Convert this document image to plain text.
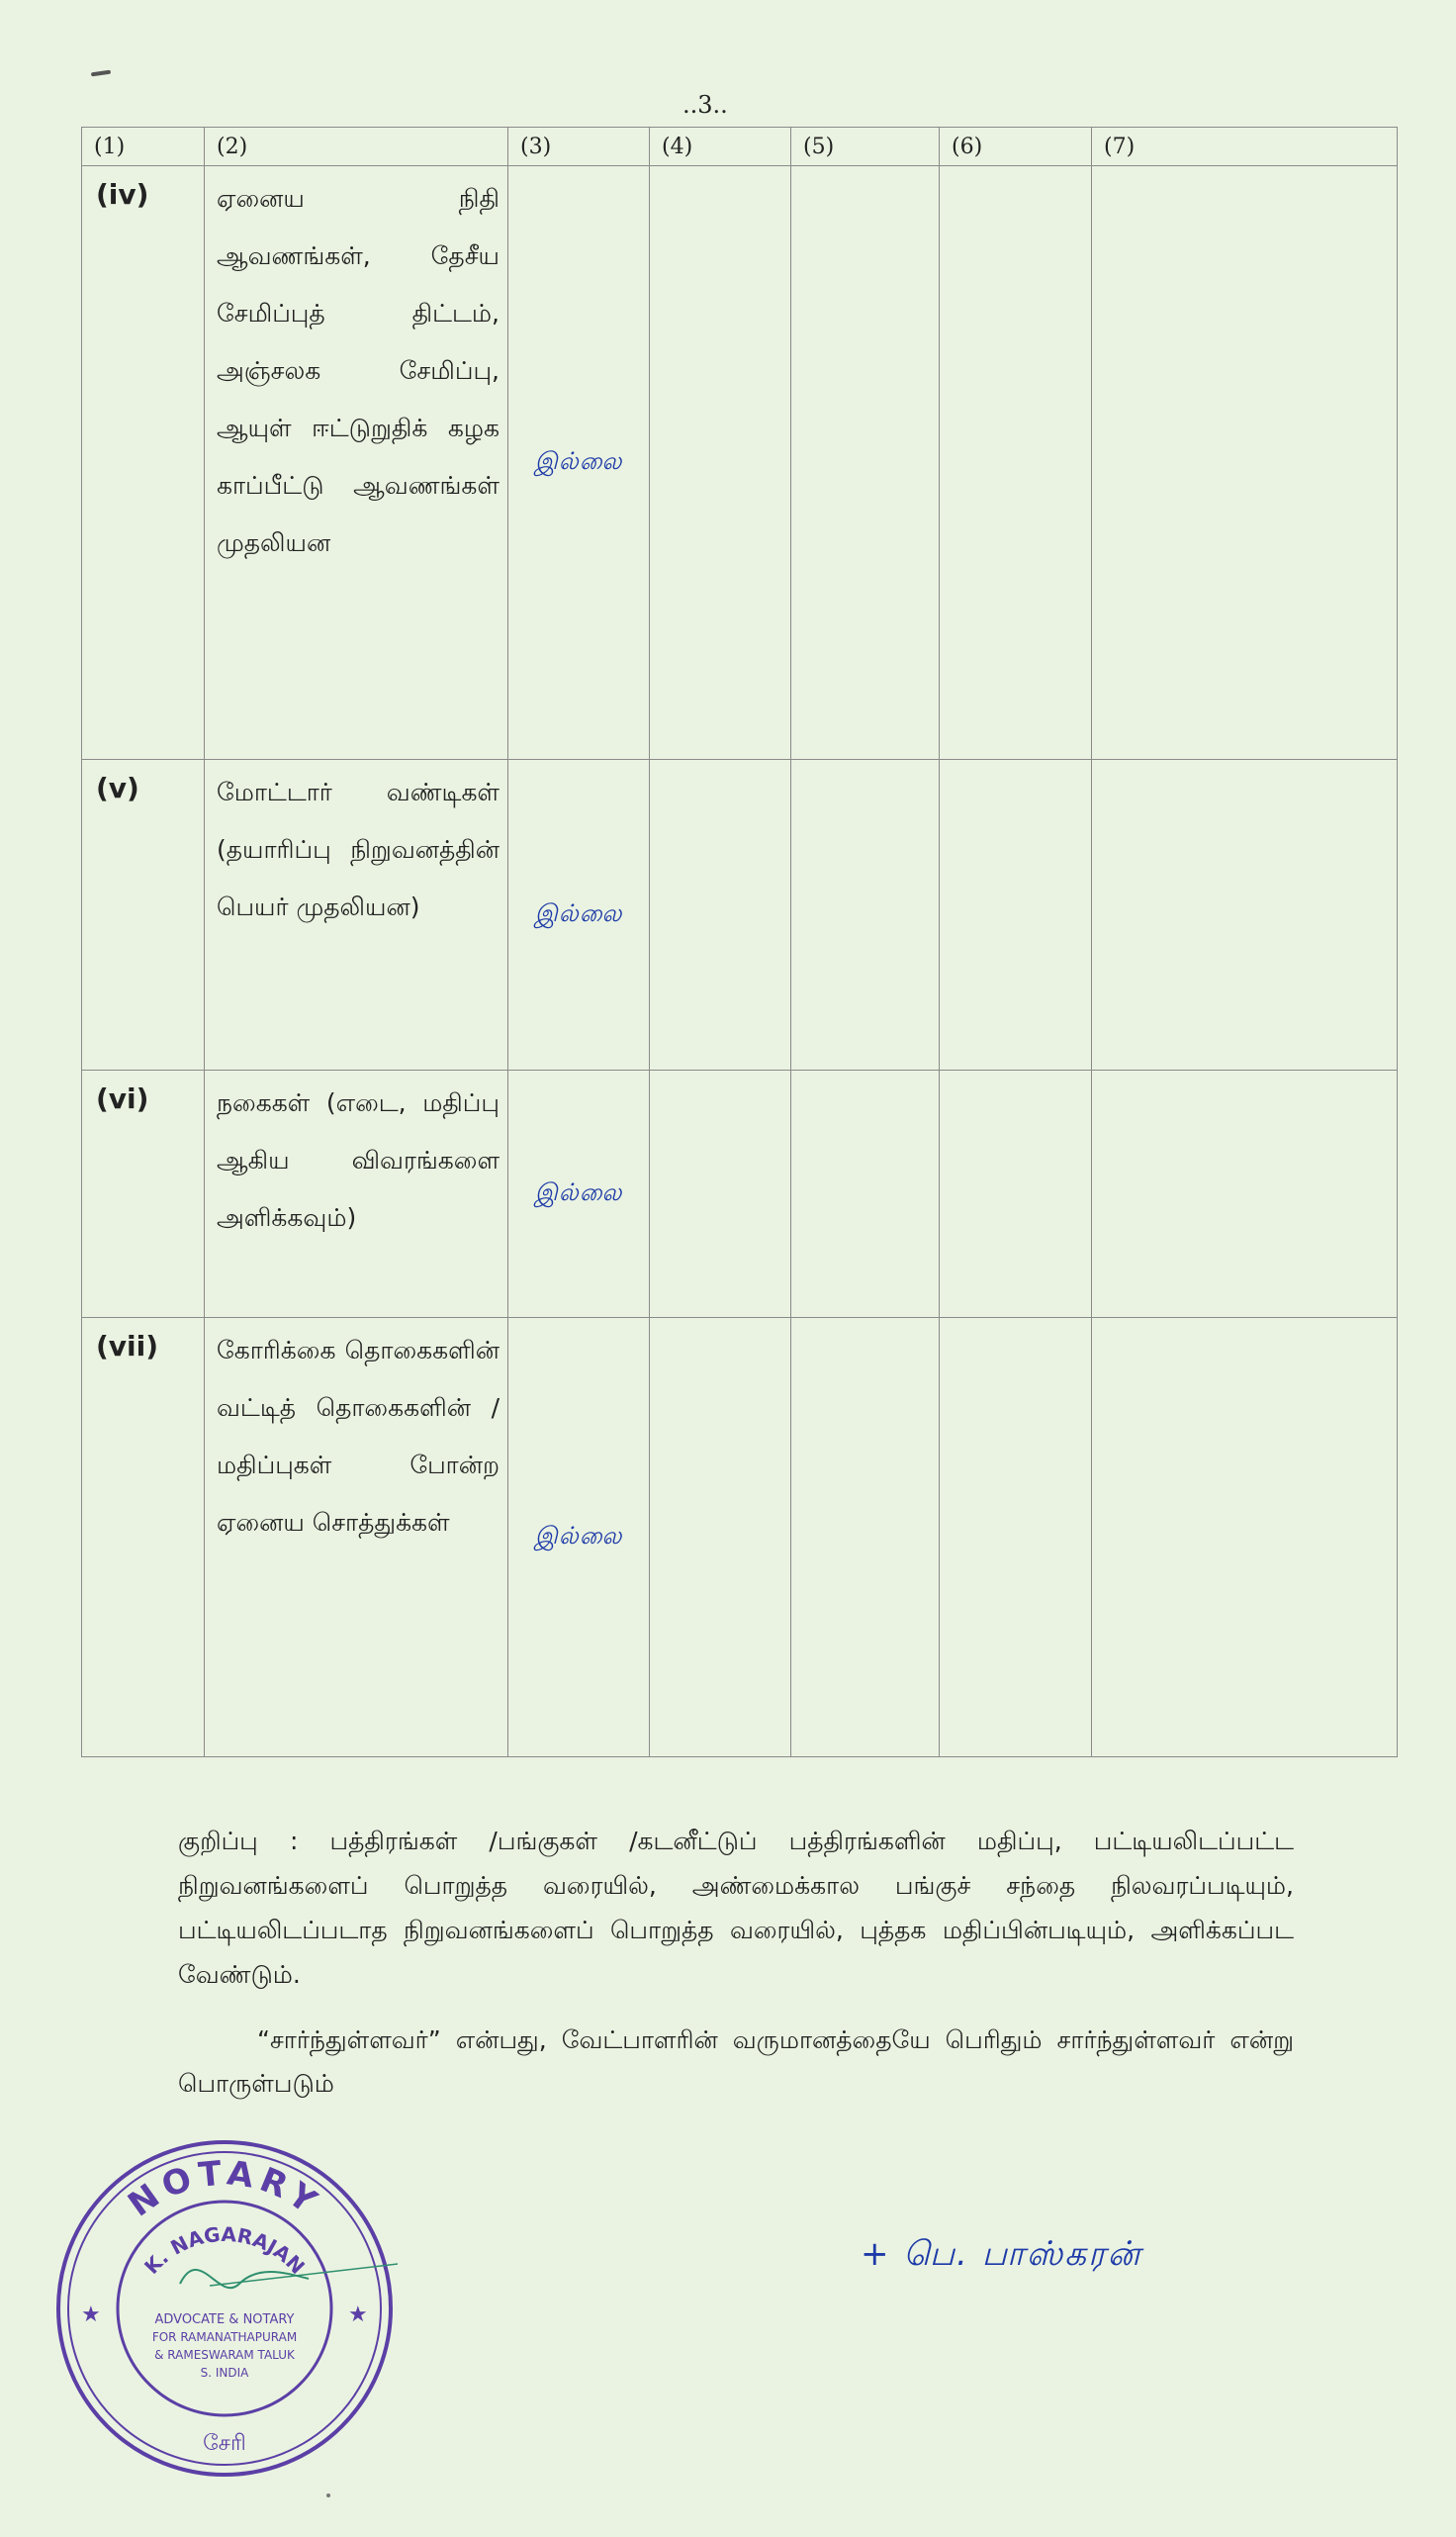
..3..
(1)	(2)	(3)	(4)	(5)	(6)	(7)
(iv)	ஏனைய நிதி ஆவணங்கள், தேசீய சேமிப்புத் திட்டம், அஞ்சலக சேமிப்பு, ஆயுள் ஈட்டுறுதிக் கழக காப்பீட்டு ஆவணங்கள் முதலியன	இல்லை				
(v)	மோட்டார் வண்டிகள் (தயாரிப்பு நிறுவனத்தின் பெயர் முதலியன)	இல்லை				
(vi)	நகைகள் (எடை, மதிப்பு ஆகிய விவரங்களை அளிக்கவும்)	இல்லை				
(vii)	கோரிக்கை தொகைகளின் வட்டித் தொகைகளின் /மதிப்புகள் போன்ற ஏனைய சொத்துக்கள்	இல்லை				
குறிப்பு : பத்திரங்கள் /பங்குகள் /கடனீட்டுப் பத்திரங்களின் மதிப்பு, பட்டியலிடப்பட்ட நிறுவனங்களைப் பொறுத்த வரையில், அண்மைக்கால பங்குச் சந்தை நிலவரப்படியும், பட்டியலிடப்படாத நிறுவனங்களைப் பொறுத்த வரையில், புத்தக மதிப்பின்படியும், அளிக்கப்பட வேண்டும்.
“சார்ந்துள்ளவர்” என்பது, வேட்பாளரின் வருமானத்தையே பெரிதும் சார்ந்துள்ளவர் என்று பொருள்படும்
NOTARY
K. NAGARAJAN
★	★
ADVOCATE & NOTARY
FOR RAMANATHAPURAM
& RAMESWARAM TALUK
S. INDIA
சேரி
+ பெ. பாஸ்கரன்
